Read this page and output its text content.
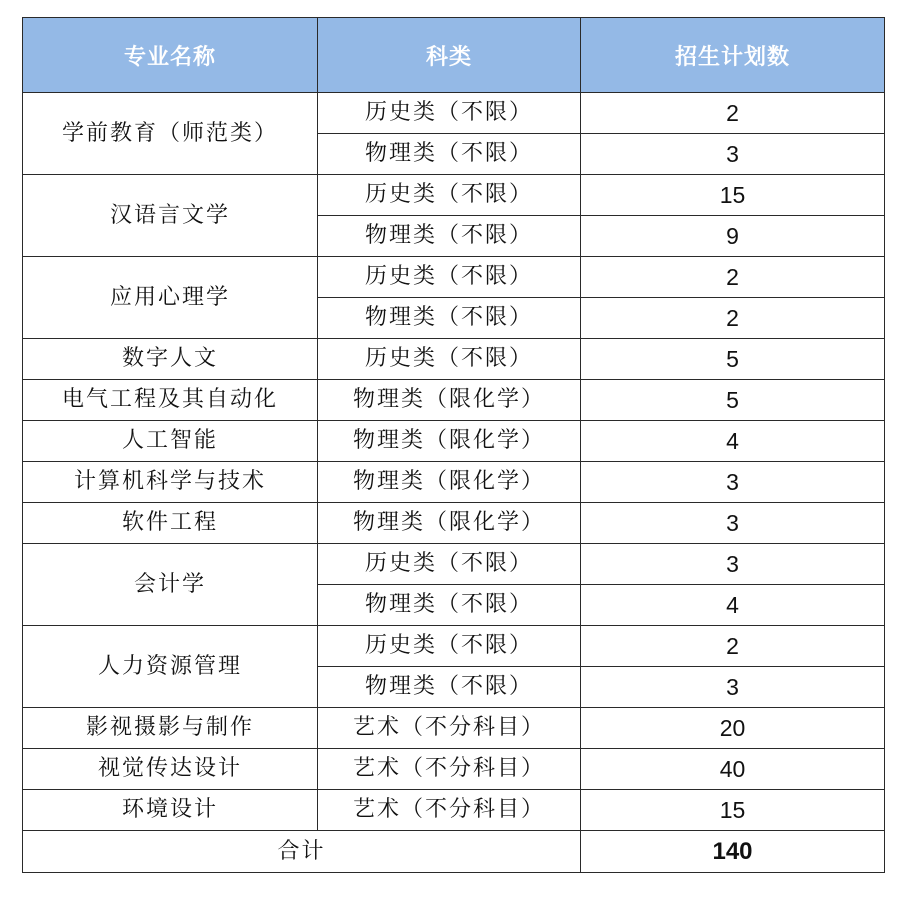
专业名称	科类	招生计划数
学前教育（师范类）	历史类（不限）	2
	物理类（不限）	3
汉语言文学	历史类（不限）	15
	物理类（不限）	9
应用心理学	历史类（不限）	2
	物理类（不限）	2
数字人文	历史类（不限）	5
电气工程及其自动化	物理类（限化学）	5
人工智能	物理类（限化学）	4
计算机科学与技术	物理类（限化学）	3
软件工程	物理类（限化学）	3
会计学	历史类（不限）	3
	物理类（不限）	4
人力资源管理	历史类（不限）	2
	物理类（不限）	3
影视摄影与制作	艺术（不分科目）	20
视觉传达设计	艺术（不分科目）	40
环境设计	艺术（不分科目）	15
合计		140
